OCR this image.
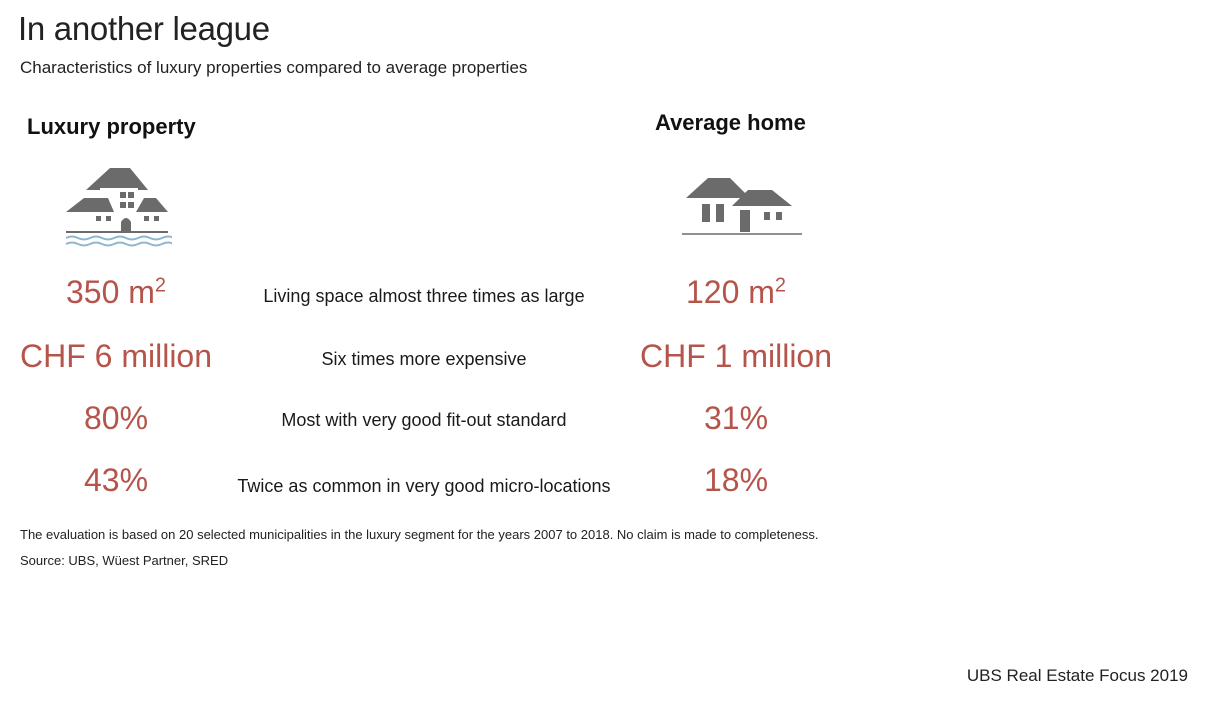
In another league
Characteristics of luxury properties compared to average properties
Luxury property	Average home
350 $m^2$	Living space almost three times as large	120 $m^2$
CHF 6 million	Six times more expensive	CHF 1 million
80%	Most with very good fit-out standard	31%
43%	Twice as common in very good micro-locations	18%
The evaluation is based on 20 selected municipalities in the luxury segment for the years 2007 to 2018. No claim is made to completeness.
Source: UBS, Wüest Partner, SRED
UBS Real Estate Focus 2019
